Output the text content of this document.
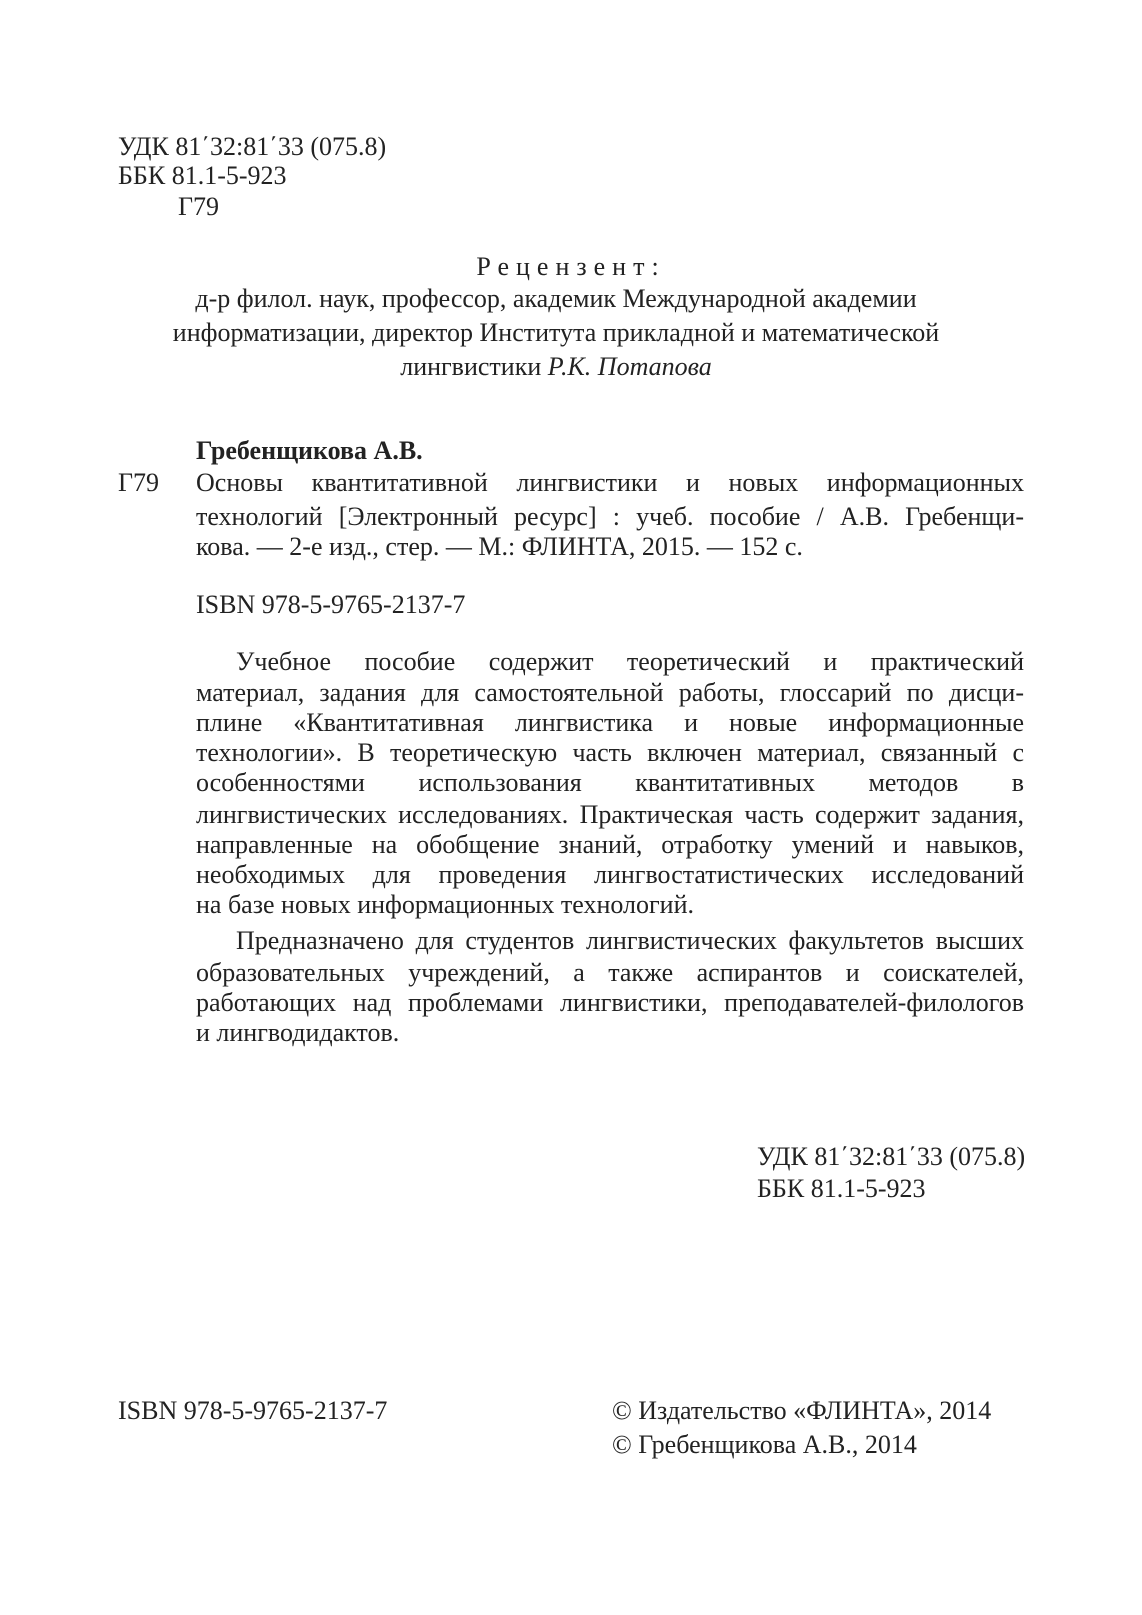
УДК 81΄32:81΄33 (075.8)
ББК 81.1-5-923
Г79
Рецензент:
д-р филол. наук, профессор, академик Международной академии
информатизации, директор Института прикладной и математической
лингвистики Р.К. Потапова
Гребенщикова А.В.
Г79 Основы квантитативной лингвистики и новых информационных
технологий [Электронный ресурс] : учеб. пособие / А.В. Гребенщи-
кова. — 2-е изд., стер. — М.: ФЛИНТА, 2015. — 152 с.
ISBN 978-5-9765-2137-7
Учебное пособие содержит теоретический и практический
материал, задания для самостоятельной работы, глоссарий по дисци-
плине «Квантитативная лингвистика и новые информационные
технологии». В теоретическую часть включен материал, связанный с
особенностями использования квантитативных методов в
лингвистических исследованиях. Практическая часть содержит задания,
направленные на обобщение знаний, отработку умений и навыков,
необходимых для проведения лингвостатистических исследований
на базе новых информационных технологий.
Предназначено для студентов лингвистических факультетов высших
образовательных учреждений, а также аспирантов и соискателей,
работающих над проблемами лингвистики, преподавателей-филологов
и лингводидактов.
УДК 81΄32:81΄33 (075.8)
ББК 81.1-5-923
ISBN 978-5-9765-2137-7	© Издательство «ФЛИНТА», 2014
© Гребенщикова А.В., 2014
